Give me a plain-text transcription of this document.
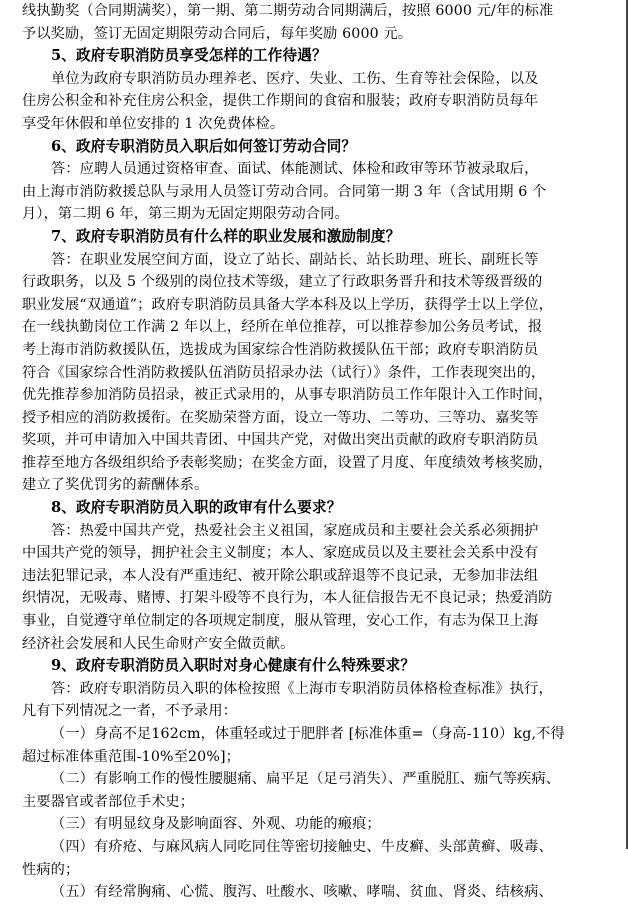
线执勤奖（合同期满奖），第一期、第二期劳动合同期满后，按照 6000 元/年的标准
予以奖励，签订无固定期限劳动合同后，每年奖励 6000 元。
5、政府专职消防员享受怎样的工作待遇？
单位为政府专职消防员办理养老、医疗、失业、工伤、生育等社会保险，以及
住房公积金和补充住房公积金，提供工作期间的食宿和服装；政府专职消防员每年
享受年休假和单位安排的 1 次免费体检。
6、政府专职消防员入职后如何签订劳动合同？
答：应聘人员通过资格审查、面试、体能测试、体检和政审等环节被录取后，
由上海市消防救援总队与录用人员签订劳动合同。合同第一期 3 年（含试用期 6 个
月），第二期 6 年，第三期为无固定期限劳动合同。
7、政府专职消防员有什么样的职业发展和激励制度？
答：在职业发展空间方面，设立了站长、副站长、站长助理、班长、副班长等
行政职务，以及 5 个级别的岗位技术等级，建立了行政职务晋升和技术等级晋级的
职业发展“双通道”；政府专职消防员具备大学本科及以上学历，获得学士以上学位，
在一线执勤岗位工作满 2 年以上，经所在单位推荐，可以推荐参加公务员考试，报
考上海市消防救援队伍，选拔成为国家综合性消防救援队伍干部；政府专职消防员
符合《国家综合性消防救援队伍消防员招录办法（试行）》条件，工作表现突出的，
优先推荐参加消防员招录，被正式录用的，从事专职消防员工作年限计入工作时间，
授予相应的消防救援衔。在奖励荣誉方面，设立一等功、二等功、三等功、嘉奖等
奖项，并可申请加入中国共青团、中国共产党，对做出突出贡献的政府专职消防员
推荐至地方各级组织给予表彰奖励；在奖金方面，设置了月度、年度绩效考核奖励，
建立了奖优罚劣的薪酬体系。
8、政府专职消防员入职的政审有什么要求？
答：热爱中国共产党，热爱社会主义祖国，家庭成员和主要社会关系必须拥护
中国共产党的领导，拥护社会主义制度；本人、家庭成员以及主要社会关系中没有
违法犯罪记录，本人没有严重违纪、被开除公职或辞退等不良记录，无参加非法组
织情况，无吸毒、赌博、打架斗殴等不良行为，本人征信报告无不良记录；热爱消防
事业，自觉遵守单位制定的各项规定制度，服从管理，安心工作，有志为保卫上海
经济社会发展和人民生命财产安全做贡献。
9、政府专职消防员入职时对身心健康有什么特殊要求？
答：政府专职消防员入职的体检按照《上海市专职消防员体格检查标准》执行，
凡有下列情况之一者，不予录用：
（一）身高不足162cm，体重轻或过于肥胖者 [标准体重=（身高-110）kg,不得
超过标准体重范围-10%至20%]；
（二）有影响工作的慢性腰腿痛、扁平足（足弓消失）、严重脱肛、痂气等疾病、
主要器官或者部位手术史；
（三）有明显纹身及影响面容、外观、功能的瘢痕；
（四）有疥疮、与麻风病人同吃同住等密切接触史、牛皮癣、头部黄癣、吸毒、
性病的；
（五）有经常胸痛、心慌、腹泻、吐酸水、咳嗽、哮喘、贫血、肾炎、结核病、
